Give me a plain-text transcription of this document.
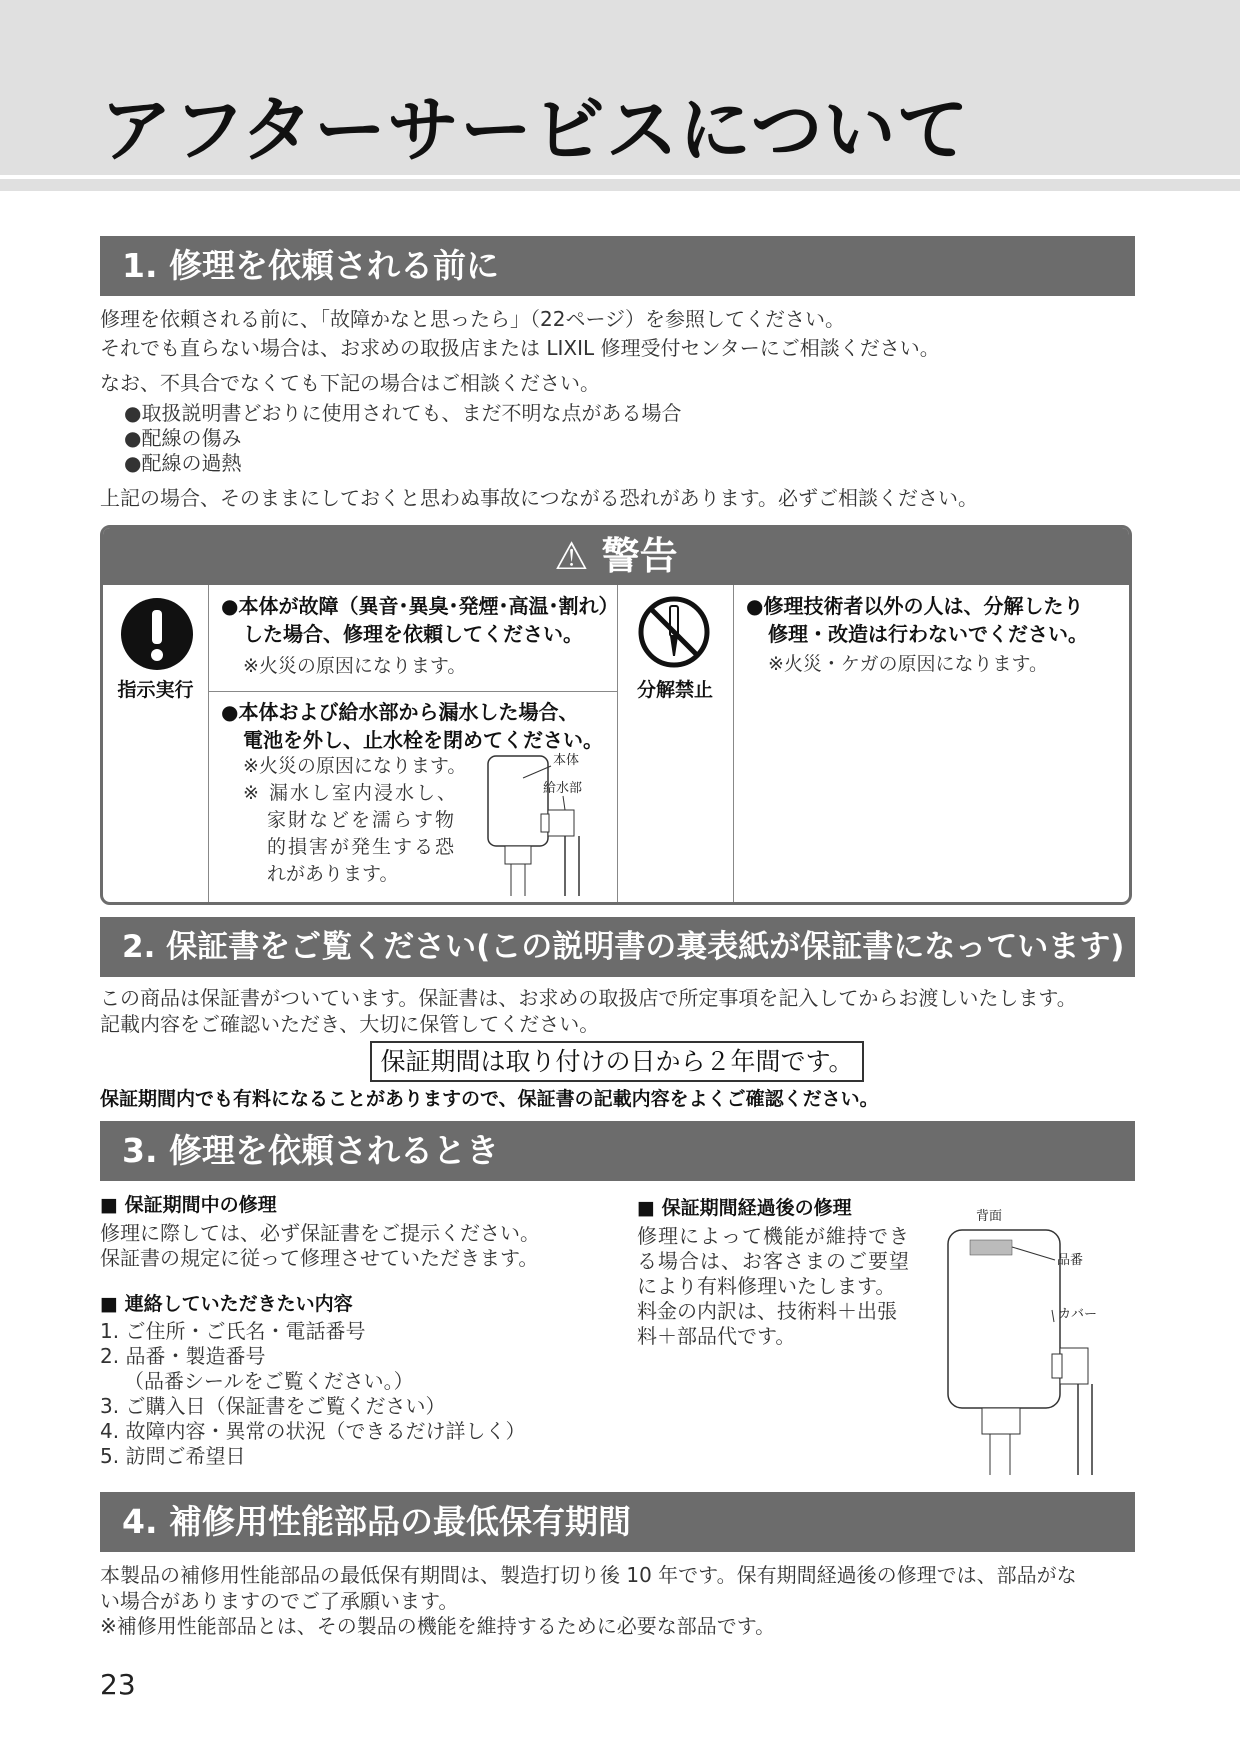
アフターサービスについて
1. 修理を依頼される前に
修理を依頼される前に、「故障かなと思ったら」（22ページ）を参照してください。
それでも直らない場合は、お求めの取扱店または LIXIL 修理受付センターにご相談ください。
なお、不具合でなくても下記の場合はご相談ください。
●取扱説明書どおりに使用されても、まだ不明な点がある場合
●配線の傷み
●配線の過熱
上記の場合、そのままにしておくと思わぬ事故につながる恐れがあります。必ずご相談ください。
⚠ 警告
指示実行
●本体が故障（異音･異臭･発煙･高温･割れ）
した場合、修理を依頼してください。
※火災の原因になります。
●本体および給水部から漏水した場合、
電池を外し、止水栓を閉めてください。
※火災の原因になります。
※ 漏水し室内浸水し、
家財などを濡らす物
的損害が発生する恐
れがあります。
本体
給水部
分解禁止
●修理技術者以外の人は、分解したり
修理・改造は行わないでください。
※火災・ケガの原因になります。
2. 保証書をご覧ください(この説明書の裏表紙が保証書になっています)
この商品は保証書がついています。保証書は、お求めの取扱店で所定事項を記入してからお渡しいたします。
記載内容をご確認いただき、大切に保管してください。
保証期間は取り付けの日から２年間です。
保証期間内でも有料になることがありますので、保証書の記載内容をよくご確認ください。
3. 修理を依頼されるとき
■ 保証期間中の修理
修理に際しては、必ず保証書をご提示ください。
保証書の規定に従って修理させていただきます。
■ 連絡していただきたい内容
1. ご住所・ご氏名・電話番号
2. 品番・製造番号
（品番シールをご覧ください。）
3. ご購入日（保証書をご覧ください）
4. 故障内容・異常の状況（できるだけ詳しく）
5. 訪問ご希望日
■ 保証期間経過後の修理
修理によって機能が維持でき
る場合は、お客さまのご要望
により有料修理いたします。
料金の内訳は、技術料＋出張
料＋部品代です。
背面
品番
カバー
4. 補修用性能部品の最低保有期間
本製品の補修用性能部品の最低保有期間は、製造打切り後 10 年です。保有期間経過後の修理では、部品がな
い場合がありますのでご了承願います。
※補修用性能部品とは、その製品の機能を維持するために必要な部品です。
23
